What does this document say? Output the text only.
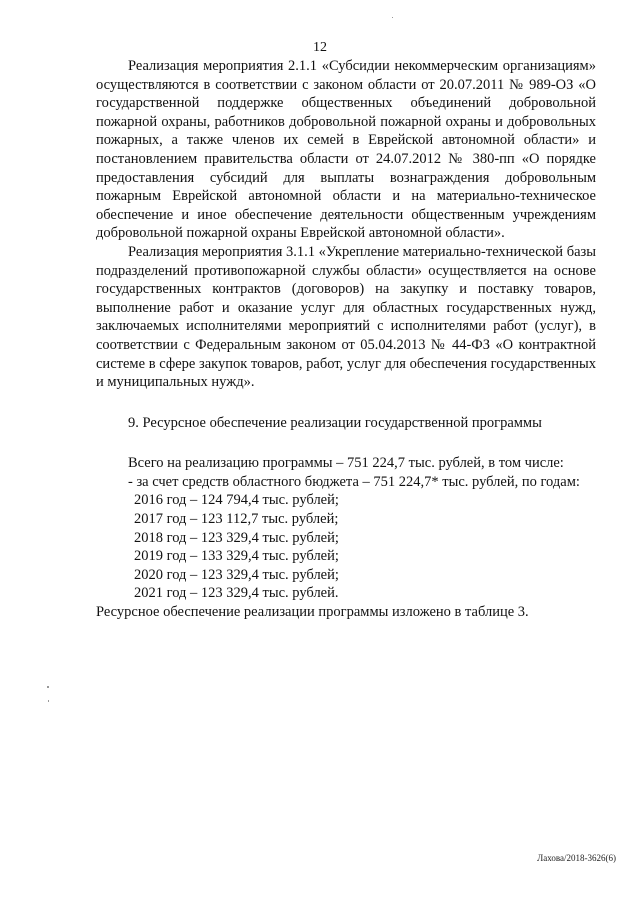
12

Реализация мероприятия 2.1.1 «Субсидии некоммерческим организациям» осуществляются в соответствии с законом области от 20.07.2011 № 989-ОЗ «О государственной поддержке общественных объединений добровольной пожарной охраны, работников добровольной пожарной охраны и добровольных пожарных, а также членов их семей в Еврейской автономной области» и постановлением правительства области от 24.07.2012 № 380-пп «О порядке предоставления субсидий для выплаты вознаграждения добровольным пожарным Еврейской автономной области и на материально-техническое обеспечение и иное обеспечение деятельности общественным учреждениям добровольной пожарной охраны Еврейской автономной области».

Реализация мероприятия 3.1.1 «Укрепление материально-технической базы подразделений противопожарной службы области» осуществляется на основе государственных контрактов (договоров) на закупку и поставку товаров, выполнение работ и оказание услуг для областных государственных нужд, заключаемых исполнителями мероприятий с исполнителями работ (услуг), в соответствии с Федеральным законом от 05.04.2013 № 44-ФЗ «О контрактной системе в сфере закупок товаров, работ, услуг для обеспечения государственных и муниципальных нужд».

9. Ресурсное обеспечение реализации государственной программы

Всего на реализацию программы – 751 224,7 тыс. рублей, в том числе:

- за счет средств областного бюджета – 751 224,7* тыс. рублей, по годам:

2016 год – 124 794,4 тыс. рублей;
2017 год – 123 112,7 тыс. рублей;
2018 год – 123 329,4 тыс. рублей;
2019 год – 133 329,4 тыс. рублей;
2020 год – 123 329,4 тыс. рублей;
2021 год – 123 329,4 тыс. рублей.

Ресурсное обеспечение реализации программы изложено в таблице 3.

Лахова/2018-3626(6)
